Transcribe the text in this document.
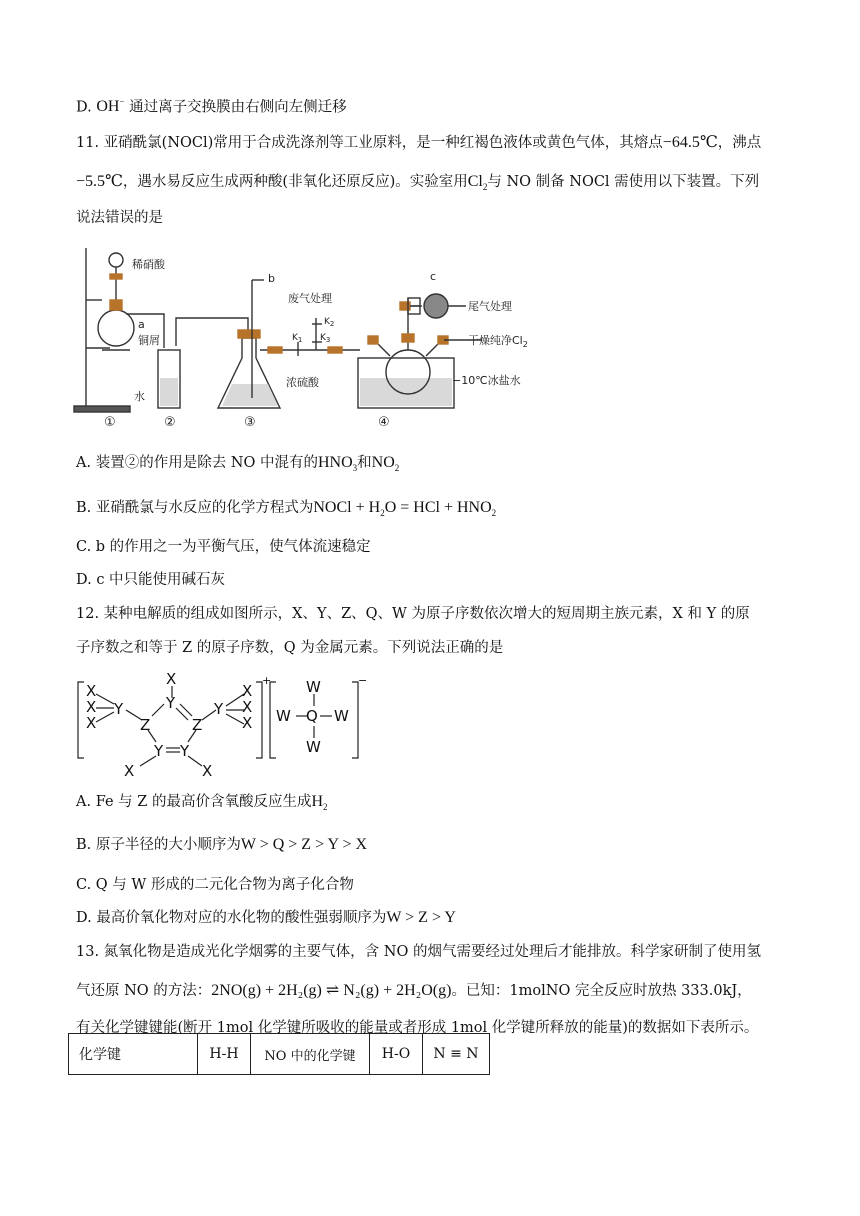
D. OH− 通过离子交换膜由右侧向左侧迁移
11. 亚硝酰氯(NOCl)常用于合成洗涤剂等工业原料，是一种红褐色液体或黄色气体，其熔点−64.5℃，沸点
−5.5℃，遇水易反应生成两种酸(非氧化还原反应)。实验室用$Cl_2$与 NO 制备 NOCl 需使用以下装置。下列
说法错误的是
稀硝酸
a
铜屑
水
b
废气处理
$K_2$
$K_1$ $K_3$
浓硫酸
c
尾气处理
干燥纯净$Cl_2$
−10℃冰盐水
①	②	③	④
A. 装置②的作用是除去 NO 中混有的$HNO_3$和$NO_2$
B. 亚硝酰氯与水反应的化学方程式为NOCl + $H_2O$ = HCl + $HNO_2$
C. b 的作用之一为平衡气压，使气体流速稳定
D. c 中只能使用碱石灰
12. 某种电解质的组成如图所示，X、Y、Z、Q、W 为原子序数依次增大的短周期主族元素，X 和 Y 的原
子序数之和等于 Z 的原子序数，Q 为金属元素。下列说法正确的是
X
X
X
Y
Z
X
Y
Z
Y
X
X
X
Y Y
X	X
+ W
W Q W
W
−
A. Fe 与 Z 的最高价含氧酸反应生成$H_2$
B. 原子半径的大小顺序为W > Q > Z > Y > X
C. Q 与 W 形成的二元化合物为离子化合物
D. 最高价氧化物对应的水化物的酸性强弱顺序为W > Z > Y
13. 氮氧化物是造成光化学烟雾的主要气体，含 NO 的烟气需要经过处理后才能排放。科学家研制了使用氢
气还原 NO 的方法：2NO(g) + 2H₂(g) ⇌ N₂(g) + 2H₂O(g)。已知：1molNO 完全反应时放热 333.0kJ，
有关化学键键能(断开 1mol 化学键所吸收的能量或者形成 1mol 化学键所释放的能量)的数据如下表所示。
化学键	H-H	NO 中的化学键	H-O	N ≡ N
